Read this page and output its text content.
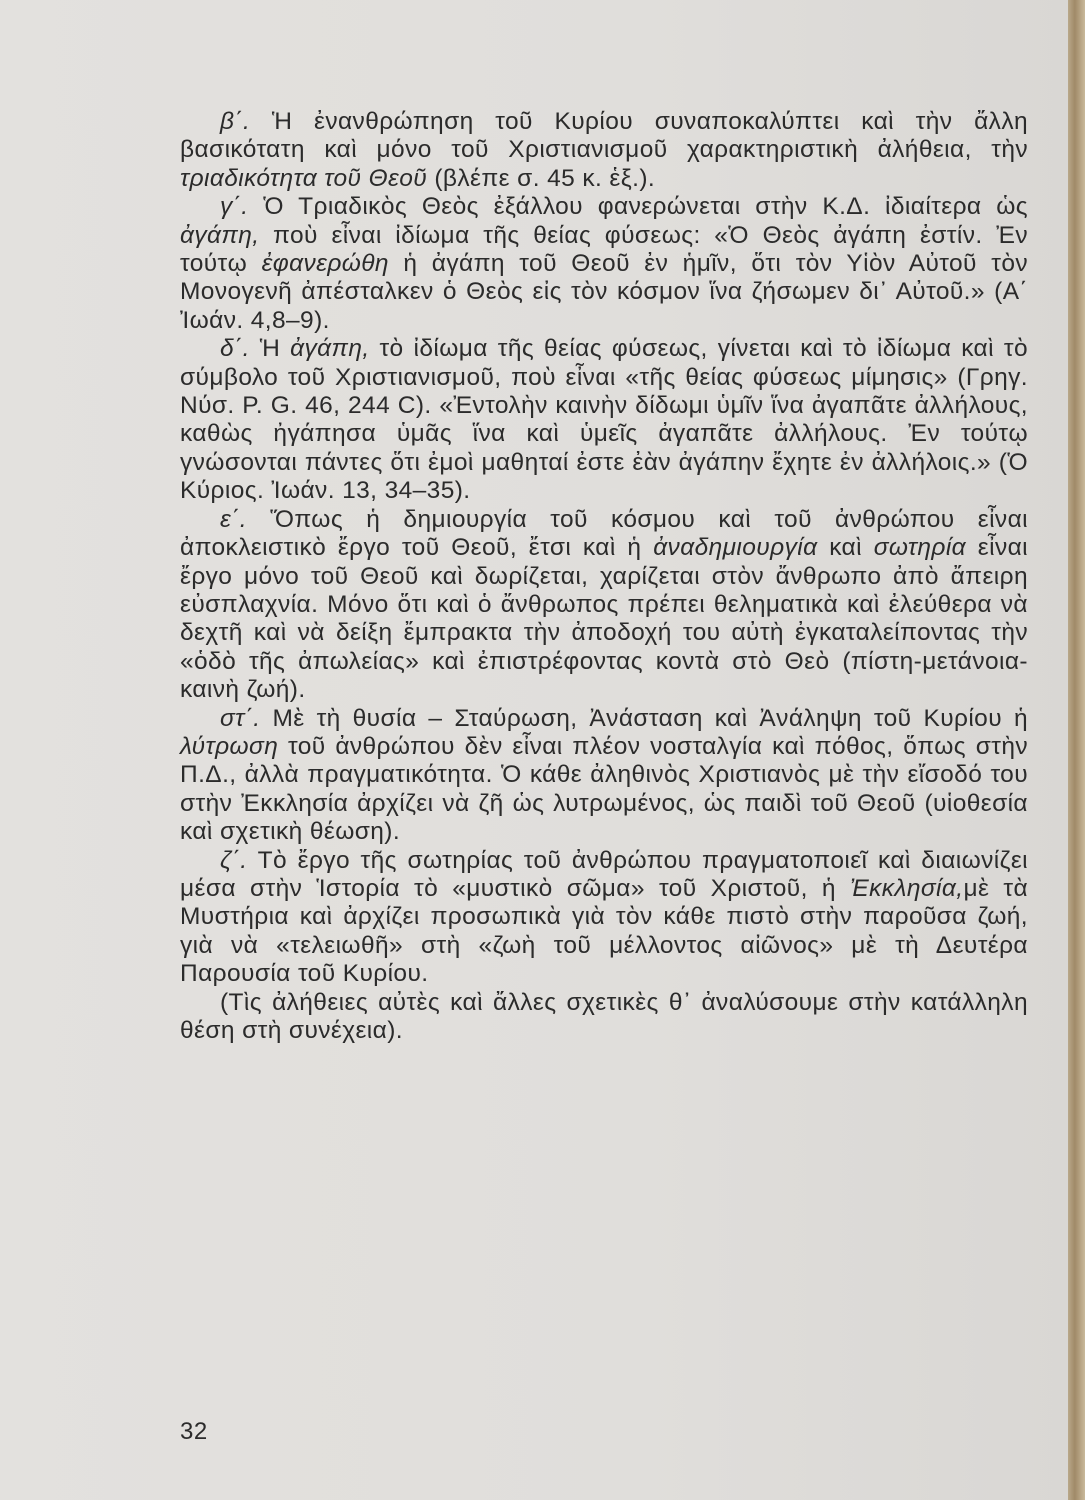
β΄. Ἡ ἐνανθρώπηση τοῦ Κυρίου συναποκαλύπτει καὶ τὴν ἄλλη βασικότατη καὶ μόνο τοῦ Χριστιανισμοῦ χαρακτηριστικὴ ἀλήθεια, τὴν τριαδικότητα τοῦ Θεοῦ (βλέπε σ. 45 κ. ἑξ.).

γ΄. Ὁ Τριαδικὸς Θεὸς ἐξάλλου φανερώνεται στὴν Κ.Δ. ἰδιαίτερα ὡς ἀγάπη, ποὺ εἶναι ἰδίωμα τῆς θείας φύσεως: «Ὁ Θεὸς ἀγάπη ἐστίν. Ἐν τούτῳ ἐφανερώθη ἡ ἀγάπη τοῦ Θεοῦ ἐν ἡμῖν, ὅτι τὸν Υἱὸν Αὐτοῦ τὸν Μονογενῆ ἀπέσταλκεν ὁ Θεὸς εἰς τὸν κόσμον ἵνα ζήσωμεν δι᾽ Αὐτοῦ.» (Α΄ Ἰωάν. 4,8–9).

δ΄. Ἡ ἀγάπη, τὸ ἰδίωμα τῆς θείας φύσεως, γίνεται καὶ τὸ ἰδίωμα καὶ τὸ σύμβολο τοῦ Χριστιανισμοῦ, ποὺ εἶναι «τῆς θείας φύσεως μίμησις» (Γρηγ. Νύσ. P. G. 46, 244 C). «Ἐντολὴν καινὴν δίδωμι ὑμῖν ἵνα ἀγαπᾶτε ἀλλήλους, καθὼς ἠγάπησα ὑμᾶς ἵνα καὶ ὑμεῖς ἀγαπᾶτε ἀλλήλους. Ἐν τούτῳ γνώσονται πάντες ὅτι ἐμοὶ μαθηταί ἐστε ἐὰν ἀγάπην ἔχητε ἐν ἀλλήλοις.» (Ὁ Κύριος. Ἰωάν. 13, 34–35).

ε΄. Ὅπως ἡ δημιουργία τοῦ κόσμου καὶ τοῦ ἀνθρώπου εἶναι ἀποκλειστικὸ ἔργο τοῦ Θεοῦ, ἔτσι καὶ ἡ ἀναδημιουργία καὶ σωτηρία εἶναι ἔργο μόνο τοῦ Θεοῦ καὶ δωρίζεται, χαρίζεται στὸν ἄνθρωπο ἀπὸ ἄπειρη εὐσπλαχνία. Μόνο ὅτι καὶ ὁ ἄνθρωπος πρέπει θεληματικὰ καὶ ἐλεύθερα νὰ δεχτῆ καὶ νὰ δείξη ἔμπρακτα τὴν ἀποδοχή του αὐτὴ ἐγκαταλείποντας τὴν «ὁδὸ τῆς ἀπωλείας» καὶ ἐπιστρέφοντας κοντὰ στὸ Θεὸ (πίστη-μετάνοια-καινὴ ζωή).

στ΄. Μὲ τὴ θυσία – Σταύρωση, Ἀνάσταση καὶ Ἀνάληψη τοῦ Κυρίου ἡ λύτρωση τοῦ ἀνθρώπου δὲν εἶναι πλέον νοσταλγία καὶ πόθος, ὅπως στὴν Π.Δ., ἀλλὰ πραγματικότητα. Ὁ κάθε ἀληθινὸς Χριστιανὸς μὲ τὴν εἴσοδό του στὴν Ἐκκλησία ἀρχίζει νὰ ζῆ ὡς λυτρωμένος, ὡς παιδὶ τοῦ Θεοῦ (υἱοθεσία καὶ σχετικὴ θέωση).

ζ΄. Τὸ ἔργο τῆς σωτηρίας τοῦ ἀνθρώπου πραγματοποιεῖ καὶ διαιωνίζει μέσα στὴν Ἱστορία τὸ «μυστικὸ σῶμα» τοῦ Χριστοῦ, ἡ Ἐκκλησία,μὲ τὰ Μυστήρια καὶ ἀρχίζει προσωπικὰ γιὰ τὸν κάθε πιστὸ στὴν παροῦσα ζωή, γιὰ νὰ «τελειωθῆ» στὴ «ζωὴ τοῦ μέλλοντος αἰῶνος» μὲ τὴ Δευτέρα Παρουσία τοῦ Κυρίου.

(Τὶς ἀλήθειες αὐτὲς καὶ ἄλλες σχετικὲς θ᾽ ἀναλύσουμε στὴν κατάλληλη θέση στὴ συνέχεια).

32
